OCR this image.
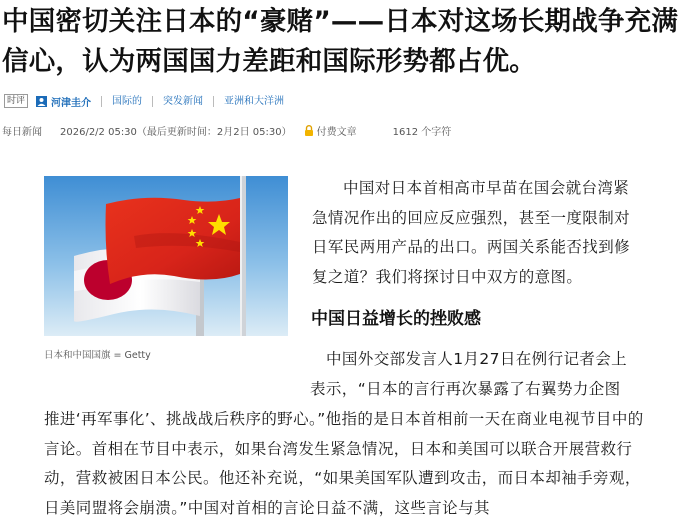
中国密切关注日本的“豪赌”——日本对这场长期战争充满信心，认为两国国力差距和国际形势都占优。
时评	河津圭介	国际的	突发新闻	亚洲和大洋洲
每日新闻 2026/2/2 05:30（最后更新时间：2月2日 05:30）	付费文章	1612 个字符
日本和中国国旗 = Getty
中国对日本首相高市早苗在国会就台湾紧急情况作出的回应反应强烈，甚至一度限制对日军民两用产品的出口。两国关系能否找到修复之道？我们将探讨日中双方的意图。
中国日益增长的挫败感
中国外交部发言人1月27日在例行记者会上表示，“日本的言行再次暴露了右翼势力企图
推进‘再军事化’、挑战战后秩序的野心。”他指的是日本首相前一天在商业电视节目中的言论。首相在节目中表示，如果台湾发生紧急情况，日本和美国可以联合开展营救行动，营救被困日本公民。他还补充说，“如果美国军队遭到攻击，而日本却袖手旁观，日美同盟将会崩溃。”中国对首相的言论日益不满，这些言论与其
